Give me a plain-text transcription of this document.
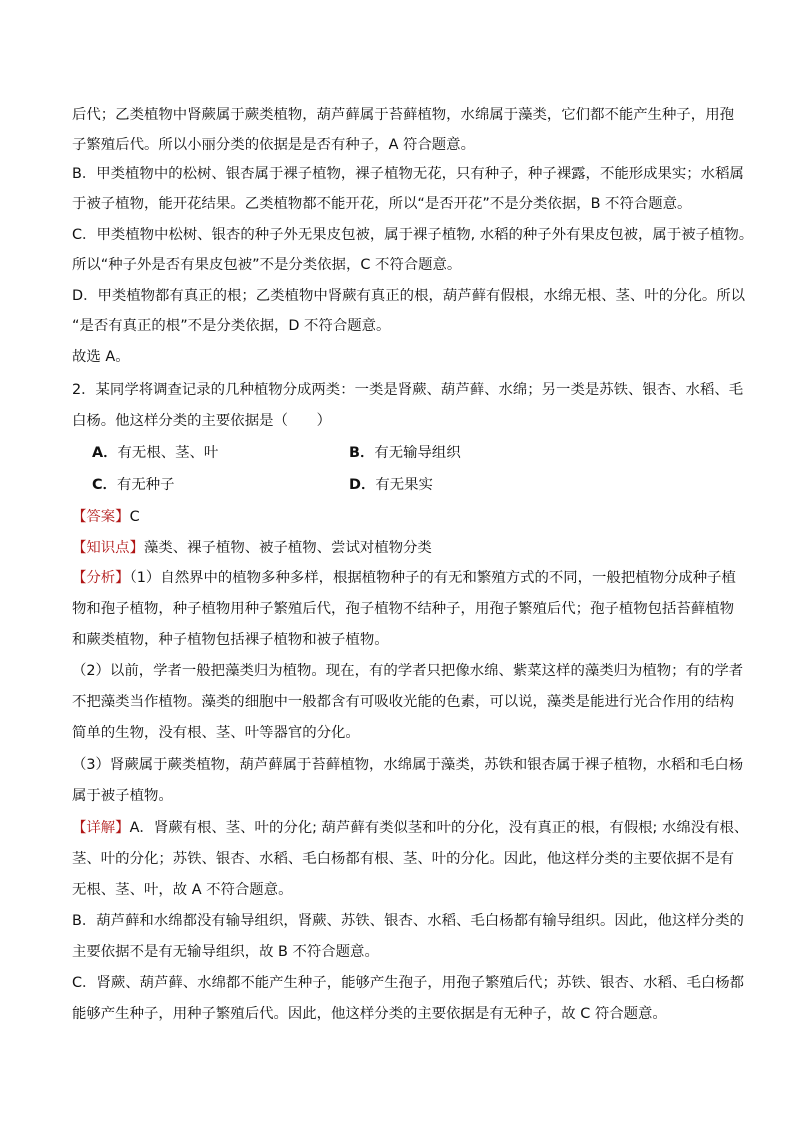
后代；乙类植物中肾蕨属于蕨类植物，葫芦藓属于苔藓植物，水绵属于藻类，它们都不能产生种子，用孢
子繁殖后代。所以小丽分类的依据是是否有种子，A 符合题意。
B．甲类植物中的松树、银杏属于裸子植物，裸子植物无花，只有种子，种子裸露，不能形成果实；水稻属
于被子植物，能开花结果。乙类植物都不能开花，所以“是否开花”不是分类依据，B 不符合题意。
C．甲类植物中松树、银杏的种子外无果皮包被，属于裸子植物, 水稻的种子外有果皮包被，属于被子植物。
所以“种子外是否有果皮包被”不是分类依据，C 不符合题意。
D．甲类植物都有真正的根；乙类植物中肾蕨有真正的根，葫芦藓有假根，水绵无根、茎、叶的分化。所以
“是否有真正的根”不是分类依据，D 不符合题意。
故选 A。
2．某同学将调查记录的几种植物分成两类：一类是肾蕨、葫芦藓、水绵；另一类是苏铁、银杏、水稻、毛
白杨。他这样分类的主要依据是（　　）
A．有无根、茎、叶	B．有无输导组织
C．有无种子	D．有无果实
【答案】C
【知识点】藻类、裸子植物、被子植物、尝试对植物分类
【分析】（1）自然界中的植物多种多样，根据植物种子的有无和繁殖方式的不同，一般把植物分成种子植
物和孢子植物，种子植物用种子繁殖后代，孢子植物不结种子，用孢子繁殖后代；孢子植物包括苔藓植物
和蕨类植物，种子植物包括裸子植物和被子植物。
（2）以前，学者一般把藻类归为植物。现在，有的学者只把像水绵、紫菜这样的藻类归为植物；有的学者
不把藻类当作植物。藻类的细胞中一般都含有可吸收光能的色素，可以说，藻类是能进行光合作用的结构
简单的生物，没有根、茎、叶等器官的分化。
（3）肾蕨属于蕨类植物，葫芦藓属于苔藓植物，水绵属于藻类，苏铁和银杏属于裸子植物，水稻和毛白杨
属于被子植物。
【详解】A．肾蕨有根、茎、叶的分化; 葫芦藓有类似茎和叶的分化，没有真正的根，有假根; 水绵没有根、
茎、叶的分化；苏铁、银杏、水稻、毛白杨都有根、茎、叶的分化。因此，他这样分类的主要依据不是有
无根、茎、叶，故 A 不符合题意。
B．葫芦藓和水绵都没有输导组织，肾蕨、苏铁、银杏、水稻、毛白杨都有输导组织。因此，他这样分类的
主要依据不是有无输导组织，故 B 不符合题意。
C．肾蕨、葫芦藓、水绵都不能产生种子，能够产生孢子，用孢子繁殖后代；苏铁、银杏、水稻、毛白杨都
能够产生种子，用种子繁殖后代。因此，他这样分类的主要依据是有无种子，故 C 符合题意。
